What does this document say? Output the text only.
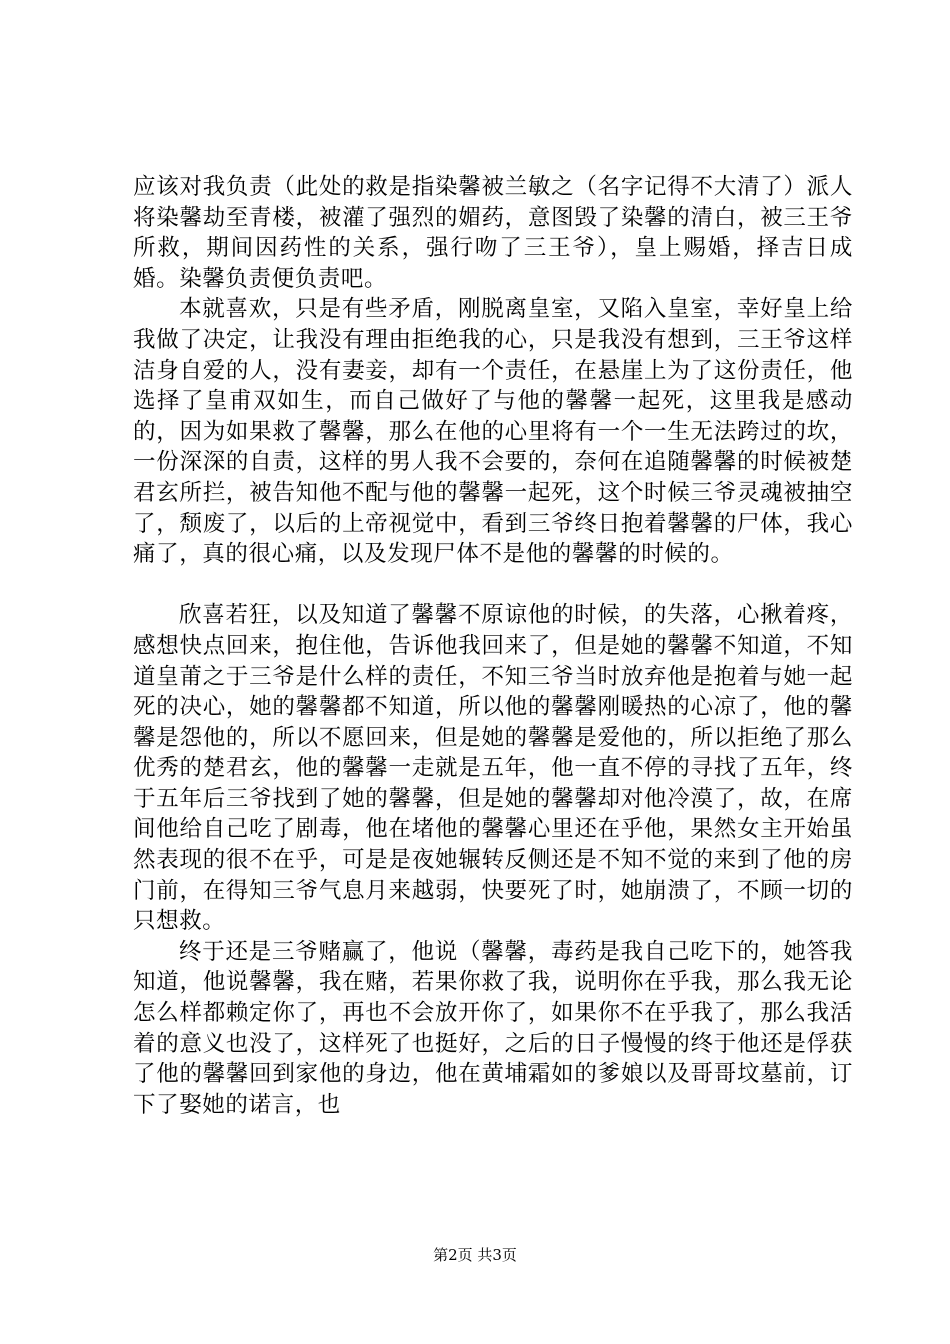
应该对我负责（此处的救是指染馨被兰敏之（名字记得不大清了）派人将染馨劫至青楼，被灌了强烈的媚药，意图毁了染馨的清白，被三王爷所救，期间因药性的关系，强行吻了三王爷），皇上赐婚，择吉日成婚。染馨负责便负责吧。

本就喜欢，只是有些矛盾，刚脱离皇室，又陷入皇室，幸好皇上给我做了决定，让我没有理由拒绝我的心，只是我没有想到，三王爷这样洁身自爱的人，没有妻妾，却有一个责任，在悬崖上为了这份责任，他选择了皇甫双如生，而自己做好了与他的馨馨一起死，这里我是感动的，因为如果救了馨馨，那么在他的心里将有一个一生无法跨过的坎，一份深深的自责，这样的男人我不会要的，奈何在追随馨馨的时候被楚君玄所拦，被告知他不配与他的馨馨一起死，这个时候三爷灵魂被抽空了，颓废了，以后的上帝视觉中，看到三爷终日抱着馨馨的尸体，我心痛了，真的很心痛，以及发现尸体不是他的馨馨的时候的。

欣喜若狂，以及知道了馨馨不原谅他的时候，的失落，心揪着疼，感想快点回来，抱住他，告诉他我回来了，但是她的馨馨不知道，不知道皇莆之于三爷是什么样的责任，不知三爷当时放弃他是抱着与她一起死的决心，她的馨馨都不知道，所以他的馨馨刚暖热的心凉了，他的馨馨是怨他的，所以不愿回来，但是她的馨馨是爱他的，所以拒绝了那么优秀的楚君玄，他的馨馨一走就是五年，他一直不停的寻找了五年，终于五年后三爷找到了她的馨馨，但是她的馨馨却对他冷漠了，故，在席间他给自己吃了剧毒，他在堵他的馨馨心里还在乎他，果然女主开始虽然表现的很不在乎，可是是夜她辗转反侧还是不知不觉的来到了他的房门前，在得知三爷气息月来越弱，快要死了时，她崩溃了，不顾一切的只想救。

终于还是三爷赌赢了，他说（馨馨，毒药是我自己吃下的，她答我知道，他说馨馨，我在赌，若果你救了我，说明你在乎我，那么我无论怎么样都赖定你了，再也不会放开你了，如果你不在乎我了，那么我活着的意义也没了，这样死了也挺好，之后的日子慢慢的终于他还是俘获了他的馨馨回到家他的身边，他在黄埔霜如的爹娘以及哥哥坟墓前，订下了娶她的诺言，也

第2页 共3页
